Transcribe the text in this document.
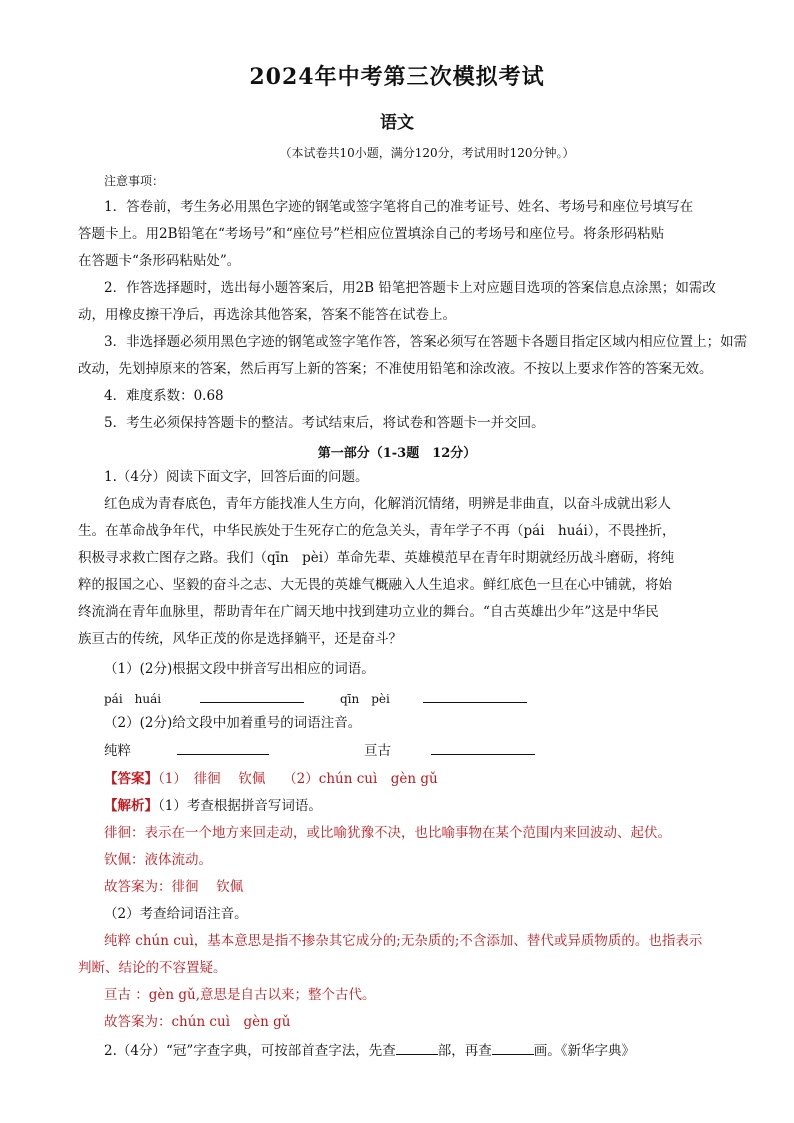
2024年中考第三次模拟考试
语文
（本试卷共10小题，满分120分，考试用时120分钟。）
注意事项：
1．答卷前，考生务必用黑色字迹的钢笔或签字笔将自己的准考证号、姓名、考场号和座位号填写在
答题卡上。用2B铅笔在“考场号”和“座位号”栏相应位置填涂自己的考场号和座位号。将条形码粘贴
在答题卡“条形码粘贴处”。
2．作答选择题时，选出每小题答案后，用2B 铅笔把答题卡上对应题目选项的答案信息点涂黑；如需改
动，用橡皮擦干净后，再选涂其他答案，答案不能答在试卷上。
3．非选择题必须用黑色字迹的钢笔或签字笔作答，答案必须写在答题卡各题目指定区域内相应位置上；如需
改动，先划掉原来的答案，然后再写上新的答案；不准使用铅笔和涂改液。不按以上要求作答的答案无效。
4．难度系数：0.68
5．考生必须保持答题卡的整洁。考试结束后，将试卷和答题卡一并交回。
第一部分（1-3题　12分）
1.（4分）阅读下面文字，回答后面的问题。
红色成为青春底色，青年方能找准人生方向，化解消沉情绪，明辨是非曲直，以奋斗成就出彩人
生。在革命战争年代，中华民族处于生死存亡的危急关头，青年学子不再（pái　huái），不畏挫折，
积极寻求救亡图存之路。我们（qīn　pèi）革命先辈、英雄模范早在青年时期就经历战斗磨砺，将纯
粹的报国之心、坚毅的奋斗之志、大无畏的英雄气概融入人生追求。鲜红底色一旦在心中铺就，将始
终流淌在青年血脉里，帮助青年在广阔天地中找到建功立业的舞台。“自古英雄出少年”这是中华民
族亘古的传统，风华正茂的你是选择躺平，还是奋斗？
（1）(2分)根据文段中拼音写出相应的词语。
pái　huái	qīn　pèi
（2）(2分)给文段中加着重号的词语注音。
纯粹	亘古
【答案】（1）　徘徊　 钦佩　 （2）chún cuì　gèn gǔ
【解析】（1）考查根据拼音写词语。
徘徊：表示在一个地方来回走动，或比喻犹豫不决，也比喻事物在某个范围内来回波动、起伏。
钦佩：液体流动。
故答案为：徘徊　 钦佩
（2）考查给词语注音。
纯粹 chún cuì，基本意思是指不掺杂其它成分的;无杂质的;不含添加、替代或异质物质的。也指表示
判断、结论的不容置疑。
亘古 ：gèn gǔ,意思是自古以来；整个古代。
故答案为：chún cuì　gèn gǔ
2.（4分）“冠”字查字典，可按部首查字法，先查	部，再查	画。《新华字典》
